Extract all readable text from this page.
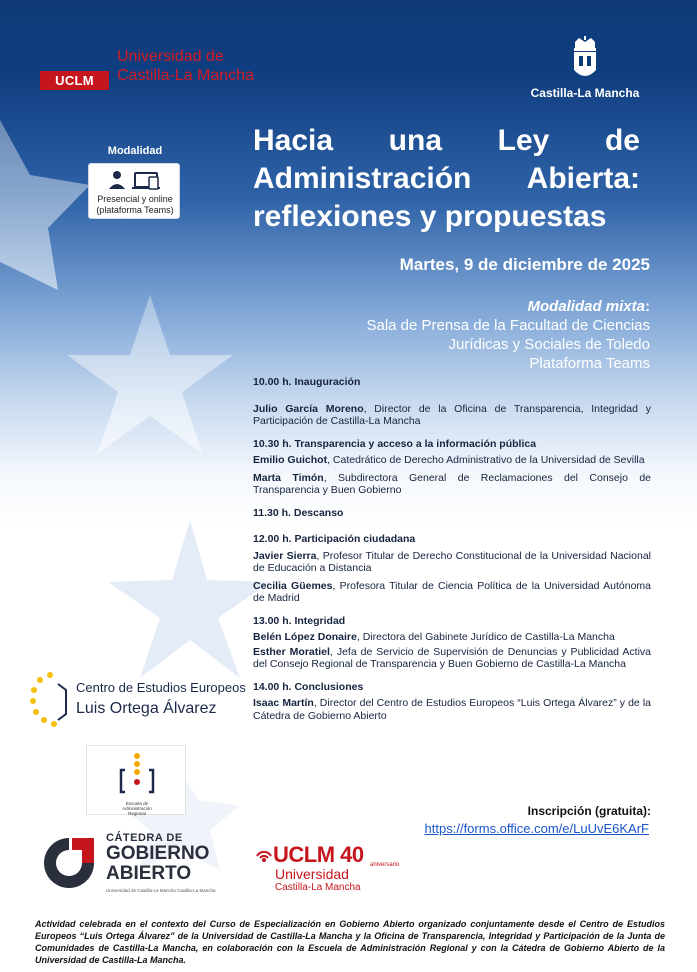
UCLM
Universidad de
Castilla-La Mancha
Castilla-La Mancha
Modalidad
Presencial y online
(plataforma Teams)
Hacia una Ley de
Administración Abierta:
reflexiones y propuestas
Martes, 9 de diciembre de 2025
Modalidad mixta:
Sala de Prensa de la Facultad de Ciencias
Jurídicas y Sociales de Toledo
Plataforma Teams
10.00 h. Inauguración
Julio García Moreno, Director de la Oficina de Transparencia, Integridad y Participación de Castilla-La Mancha
10.30 h. Transparencia y acceso a la información pública
Emilio Guichot, Catedrático de Derecho Administrativo de la Universidad de Sevilla
Marta Timón, Subdirectora General de Reclamaciones del Consejo de Transparencia y Buen Gobierno
11.30 h. Descanso
12.00 h. Participación ciudadana
Javier Sierra, Profesor Titular de Derecho Constitucional de la Universidad Nacional de Educación a Distancia
Cecilia Güemes, Profesora Titular de Ciencia Política de la Universidad Autónoma de Madrid
13.00 h. Integridad
Belén López Donaire, Directora del Gabinete Jurídico de Castilla-La Mancha
Esther Moratiel, Jefa de Servicio de Supervisión de Denuncias y Publicidad Activa del Consejo Regional de Transparencia y Buen Gobierno de Castilla-La Mancha
14.00 h. Conclusiones
Isaac Martín, Director del Centro de Estudios Europeos “Luis Ortega Álvarez” y de la Cátedra de Gobierno Abierto
Centro de Estudios Europeos
Luis Ortega Álvarez
Escuela de
Administración
Regional
CÁTEDRA DE
GOBIERNO
ABIERTO
Universidad de Castilla-La Mancha Castilla-La Mancha
Inscripción (gratuita):
https://forms.office.com/e/LuUvE6KArF
UCLM 40 aniversario
Universidad
Castilla-La Mancha
Actividad celebrada en el contexto del Curso de Especialización en Gobierno Abierto organizado conjuntamente desde el Centro de Estudios Europeos “Luis Ortega Álvarez” de la Universidad de Castilla-La Mancha y la Oficina de Transparencia, Integridad y Participación de la Junta de Comunidades de Castilla-La Mancha, en colaboración con la Escuela de Administración Regional y con la Cátedra de Gobierno Abierto de la Universidad de Castilla-La Mancha.
